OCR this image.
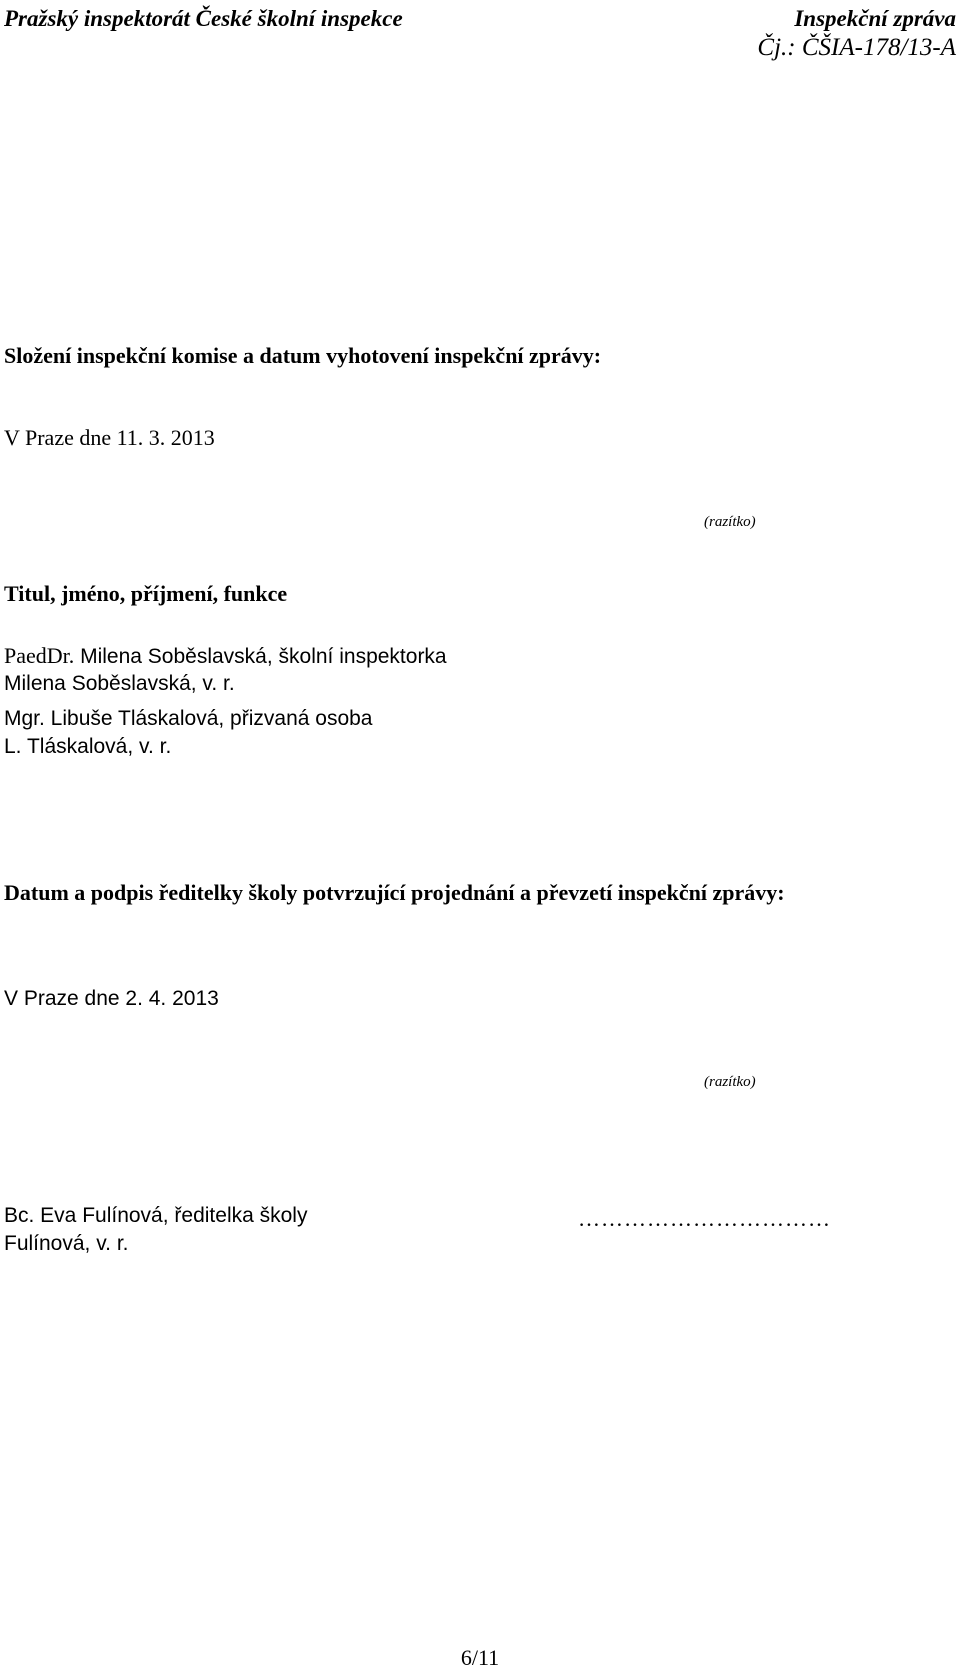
Pražský inspektorát České školní inspekce	Inspekční zpráva
Čj.: ČŠIA-178/13-A
Složení inspekční komise a datum vyhotovení inspekční zprávy:
V Praze dne 11. 3. 2013
(razítko)
Titul, jméno, příjmení, funkce
PaedDr. Milena Soběslavská, školní inspektorka
Milena Soběslavská, v. r.
Mgr. Libuše Tláskalová, přizvaná osoba
L. Tláskalová, v. r.
Datum a podpis ředitelky školy potvrzující projednání a převzetí inspekční zprávy:
V Praze dne 2. 4. 2013
(razítko)
Bc. Eva Fulínová, ředitelka školy
Fulínová, v. r.
……………………………
6/11
